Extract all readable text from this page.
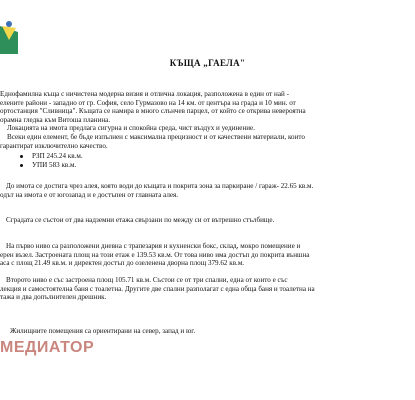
КЪЩА „ГАЕЛА"
Еднофамилна къща с ничистена модерна визия и отлична локация, разположена в един от най -
елените райони - западно от гр. София, село Гурмазово на 14 км. от центъра на града и 10 мин. от
ортостанция "Сливница". Къщата се намира в много слънчев парцел, от който се открива невероятна
орамна гледка към Витоша планина.
Локацията на имота предлага сигурна и спокойна среда, чист въздух и уединение.
Всеки един елемент, бе бъде изпълнен с максимална прецизност и от качествени материали, които
гарантират изключително качество.
РЗП 245.24 кв.м.
УПИ 583 кв.м.
До имота се достига чрез алея, която води до къщата и покрита зона за паркиране / гараж- 22.65 кв.м.
одът на имота е от югозапад и е достъпен от главната алея.
Сградата се състои от два надземни етажа свързани по между си от вътрешно стълбище.
На първо ниво са разположени дневна с трапезария и кухненски бокс, склад, мокро помещение и
ерен възел. Застроената площ на този етаж е 139.53 кв.м. От това ниво има достъп до покрита външна
аса с площ 21.49 кв.м. и директен достъп до озеленена дворна площ 379.62 кв.м.
Второто ниво е със застроена площ 105.71 кв.м. Състои се от три спални, една от които е със
лекция и самостоятелна баня с тоалетна. Другите две спални разполагат с една обща баня и тоалетна на
тажа и два допълнителен дрешник.
Жилищните помещения са ориентирани на север, запад и юг.
МЕДИАТОР
